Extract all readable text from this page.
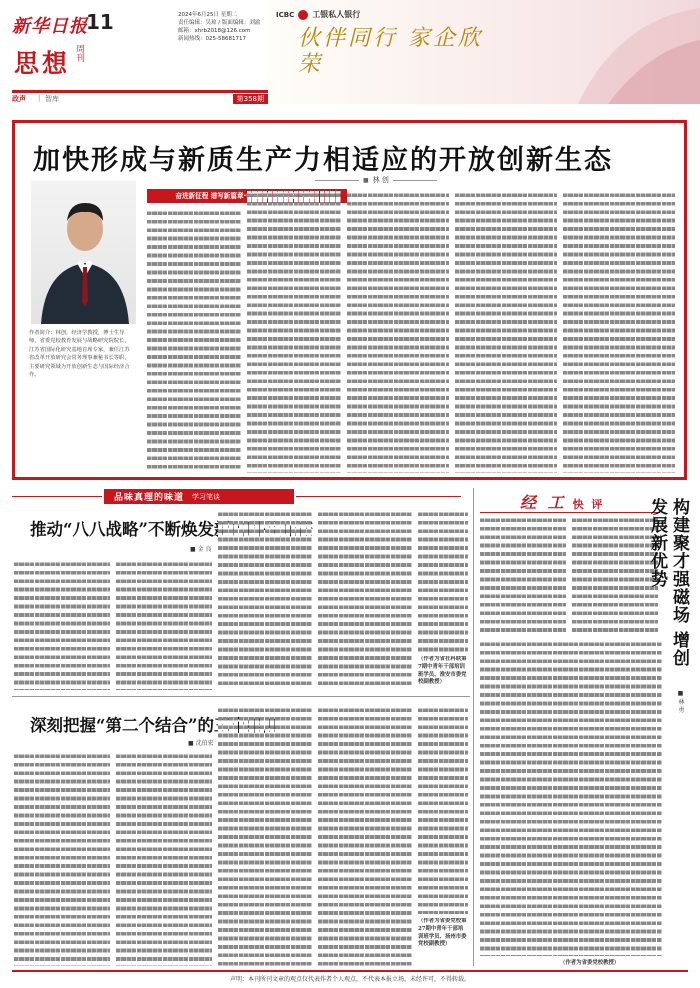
新华日报
11	2024年6月25日 星期二
责任编辑：吴琼 / 版面编辑：刘渝
邮箱：xhrb2018@126.com
新闻热线：025-58681717
思想 周刊
政声 | 智库	第358期
ICBC 工银私人银行
伙伴同行 家企欣荣
加快形成与新质生产力相适应的开放创新生态
■ 林 创
作者简介：林创，经济学教授，博士生导师，省委党校教育发展与战略研究院院长，江苏省国际化研究基地首席专家，兼任江苏省改革开放研究会常务理事兼秘书长等职，主要研究领域为开放创新生态与国际经济合作。
奋进新征程 谱写新篇章·省社科联学术社团专家谈
品味真理的味道 学习笔谈
推动“八八战略”不断焕发新的时代光芒
■ 金 良
（作者为省社科联第7期中青年干部培训班学员、淮安市委党校副教授）
深刻把握“第二个结合”的三个维度
■ 沈伯宏
（作者为省委党校第27期中青年干部培训班学员、扬州市委党校副教授）
经 工 快 评	构建聚才强磁场 增创发展新优势
■ 林 勇
（作者为省委党校教授）
声明：本刊所刊文章的观点仅代表作者个人观点，不代表本报立场。未经许可，不得转载。
